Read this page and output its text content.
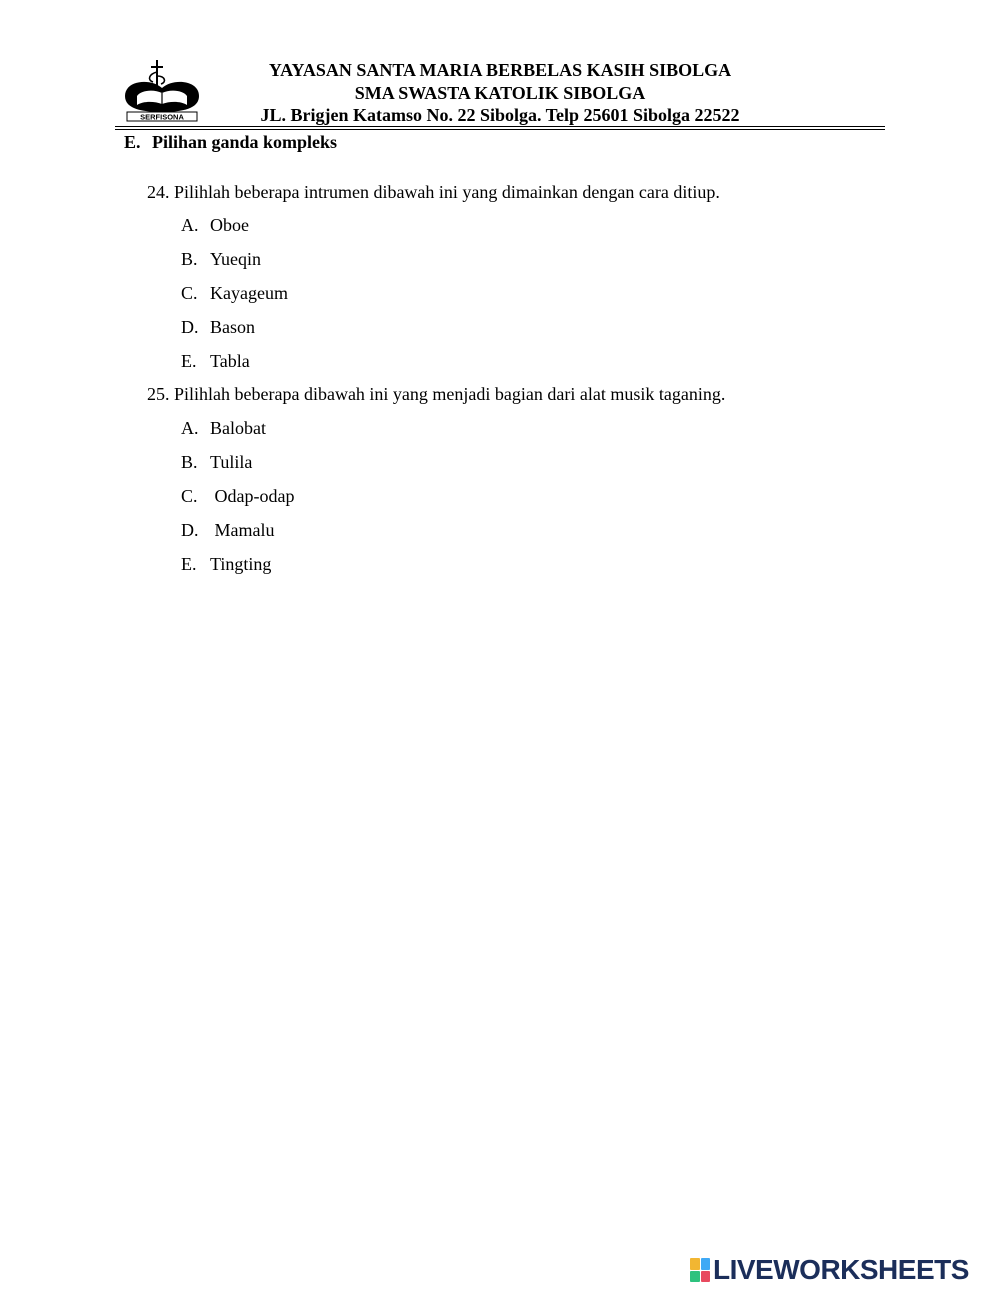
SERFISONA
YAYASAN SANTA MARIA BERBELAS KASIH SIBOLGA
SMA SWASTA KATOLIK SIBOLGA
JL. Brigjen Katamso No. 22 Sibolga. Telp 25601 Sibolga 22522
E. Pilihan ganda kompleks
24. Pilihlah beberapa intrumen dibawah ini yang dimainkan dengan cara ditiup.
A. Oboe
B. Yueqin
C. Kayageum
D. Bason
E. Tabla
25. Pilihlah beberapa dibawah ini yang menjadi bagian dari alat musik taganing.
A. Balobat
B. Tulila
C. Odap-odap
D. Mamalu
E. Tingting
LIVEWORKSHEETS
